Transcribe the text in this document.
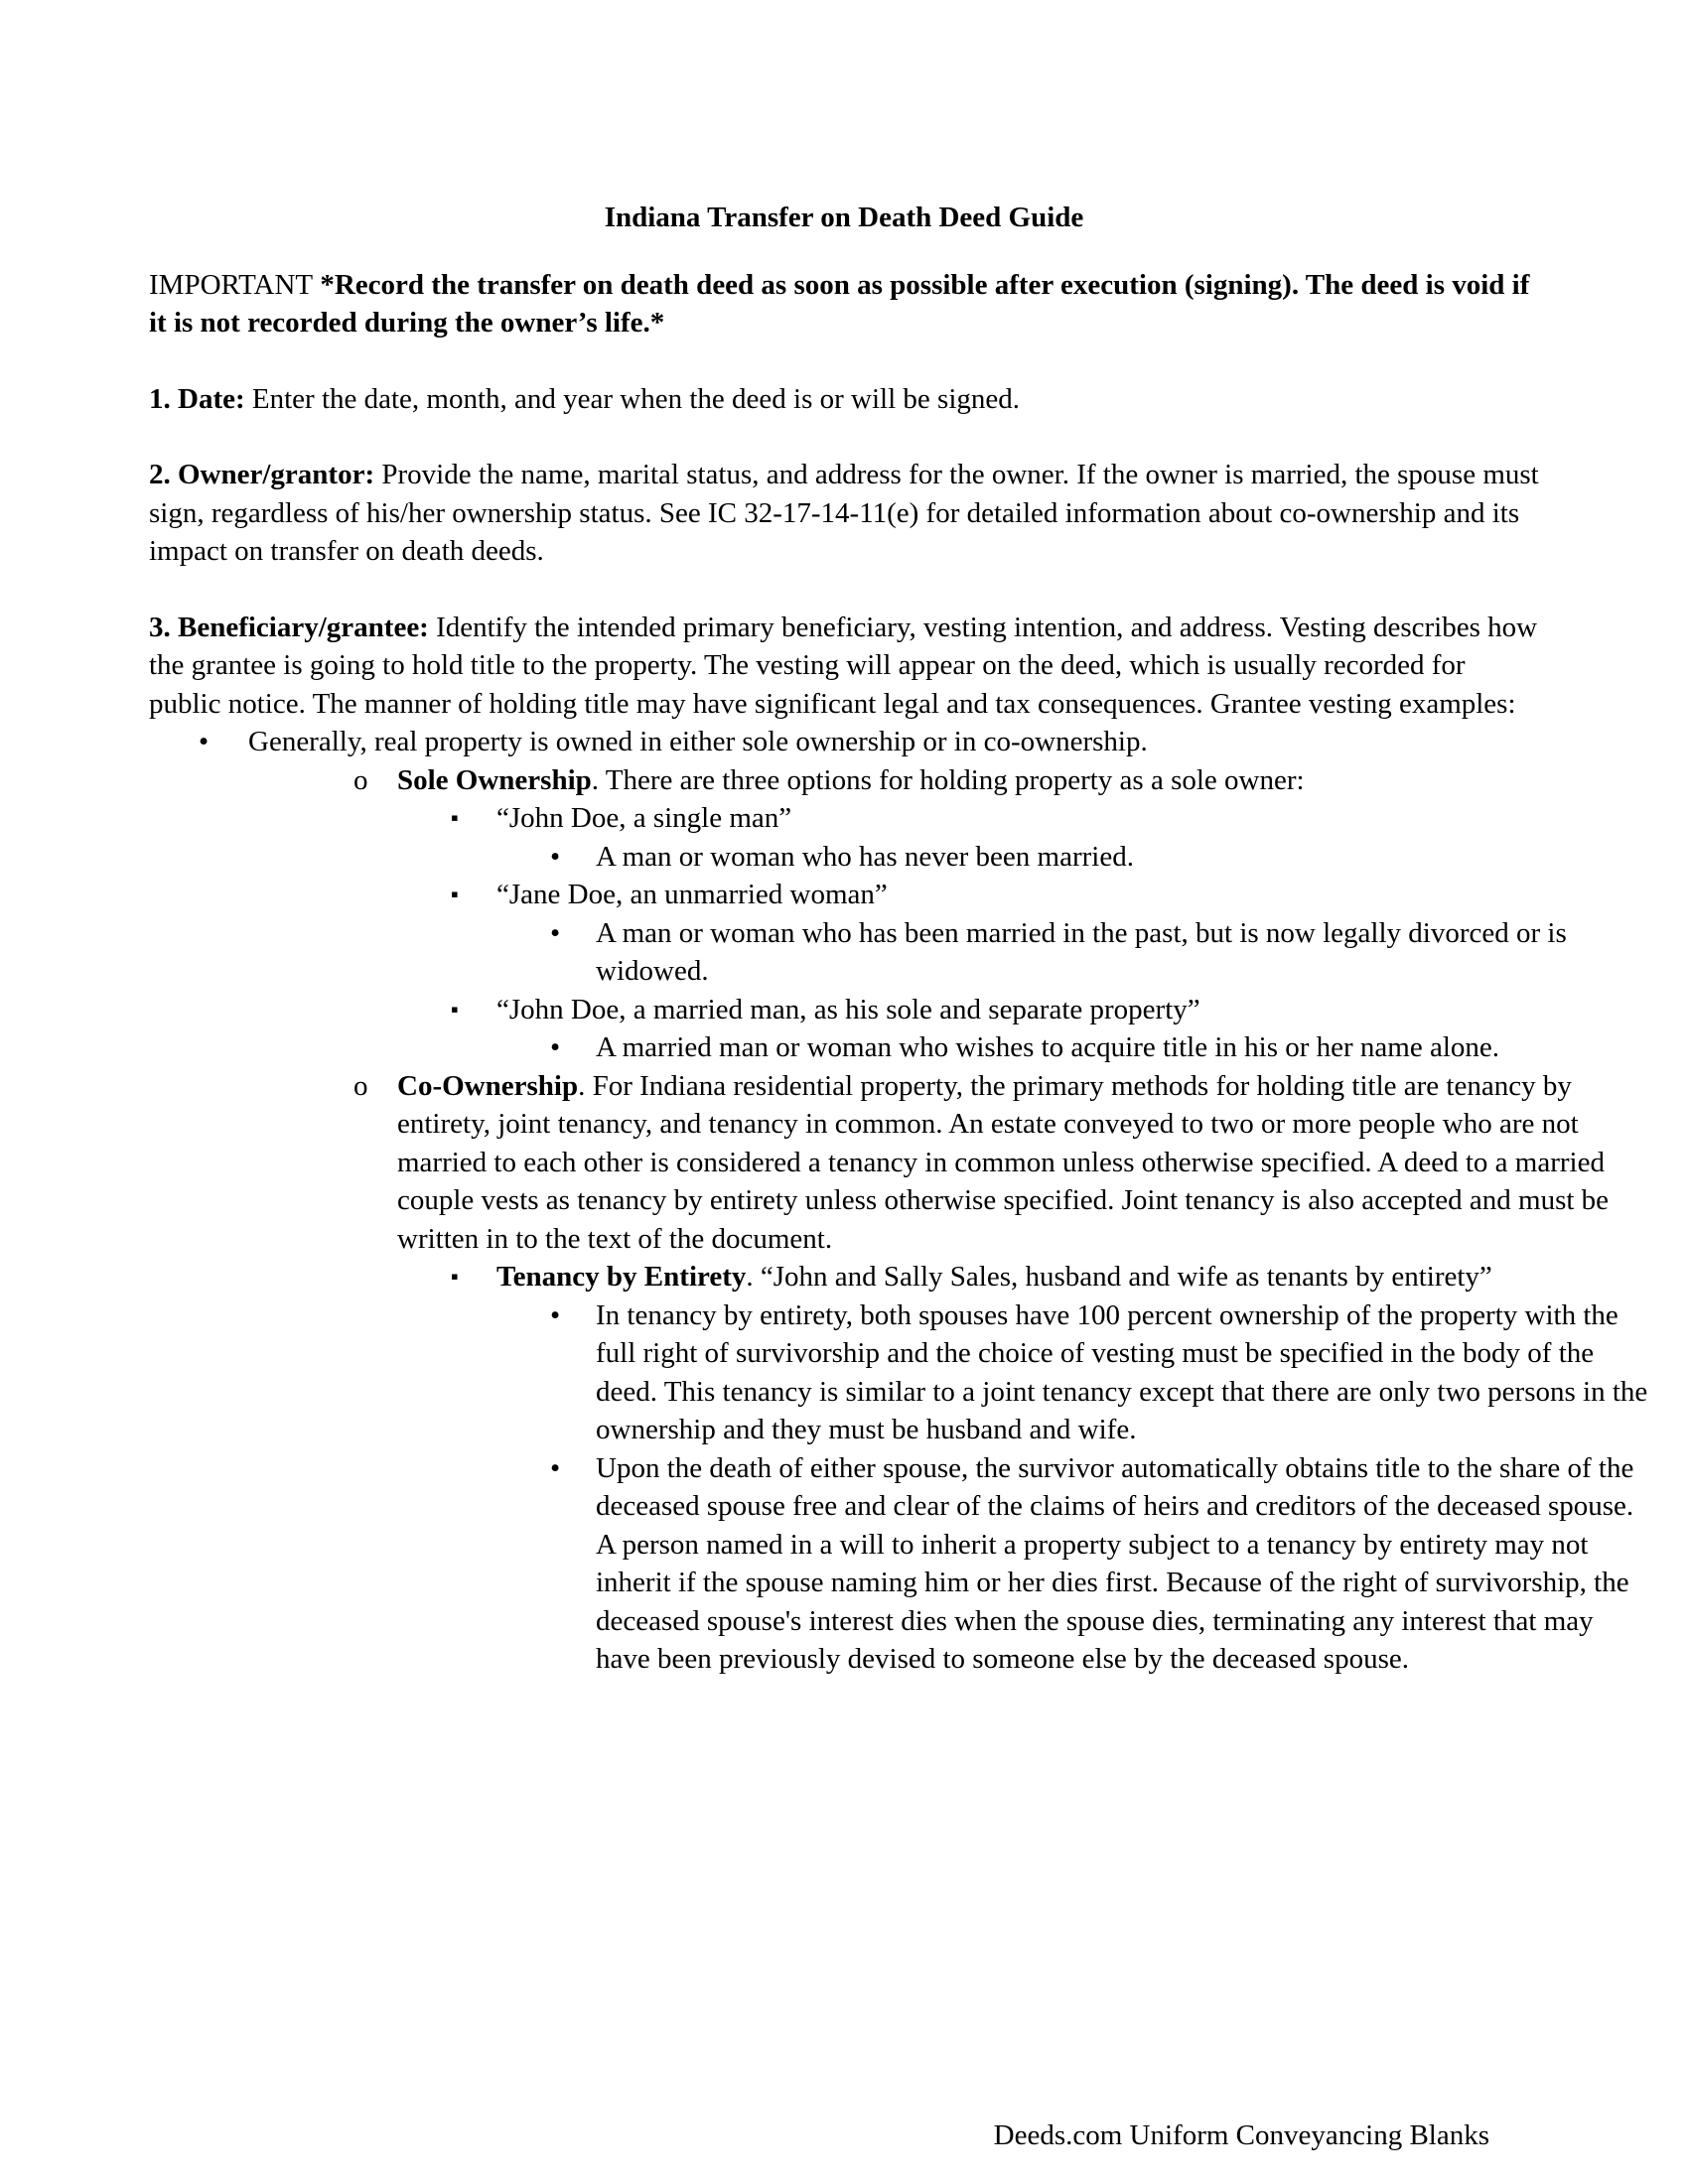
Indiana Transfer on Death Deed Guide
IMPORTANT *Record the transfer on death deed as soon as possible after execution (signing). The deed is void if it is not recorded during the owner’s life.*

1. Date: Enter the date, month, and year when the deed is or will be signed.

2. Owner/grantor: Provide the name, marital status, and address for the owner. If the owner is married, the spouse must sign, regardless of his/her ownership status. See IC 32-17-14-11(e) for detailed information about co-ownership and its impact on transfer on death deeds.

3. Beneficiary/grantee: Identify the intended primary beneficiary, vesting intention, and address. Vesting describes how the grantee is going to hold title to the property. The vesting will appear on the deed, which is usually recorded for public notice. The manner of holding title may have significant legal and tax consequences. Grantee vesting examples:
• Generally, real property is owned in either sole ownership or in co-ownership.
o Sole Ownership. There are three options for holding property as a sole owner:
▪ “John Doe, a single man”
• A man or woman who has never been married.
▪ “Jane Doe, an unmarried woman”
• A man or woman who has been married in the past, but is now legally divorced or is widowed.
▪ “John Doe, a married man, as his sole and separate property”
• A married man or woman who wishes to acquire title in his or her name alone.
o Co-Ownership. For Indiana residential property, the primary methods for holding title are tenancy by entirety, joint tenancy, and tenancy in common. An estate conveyed to two or more people who are not married to each other is considered a tenancy in common unless otherwise specified. A deed to a married couple vests as tenancy by entirety unless otherwise specified. Joint tenancy is also accepted and must be written in to the text of the document.
▪ Tenancy by Entirety. “John and Sally Sales, husband and wife as tenants by entirety”
• In tenancy by entirety, both spouses have 100 percent ownership of the property with the full right of survivorship and the choice of vesting must be specified in the body of the deed. This tenancy is similar to a joint tenancy except that there are only two persons in the ownership and they must be husband and wife.
• Upon the death of either spouse, the survivor automatically obtains title to the share of the deceased spouse free and clear of the claims of heirs and creditors of the deceased spouse. A person named in a will to inherit a property subject to a tenancy by entirety may not inherit if the spouse naming him or her dies first. Because of the right of survivorship, the deceased spouse's interest dies when the spouse dies, terminating any interest that may have been previously devised to someone else by the deceased spouse.
Deeds.com Uniform Conveyancing Blanks
